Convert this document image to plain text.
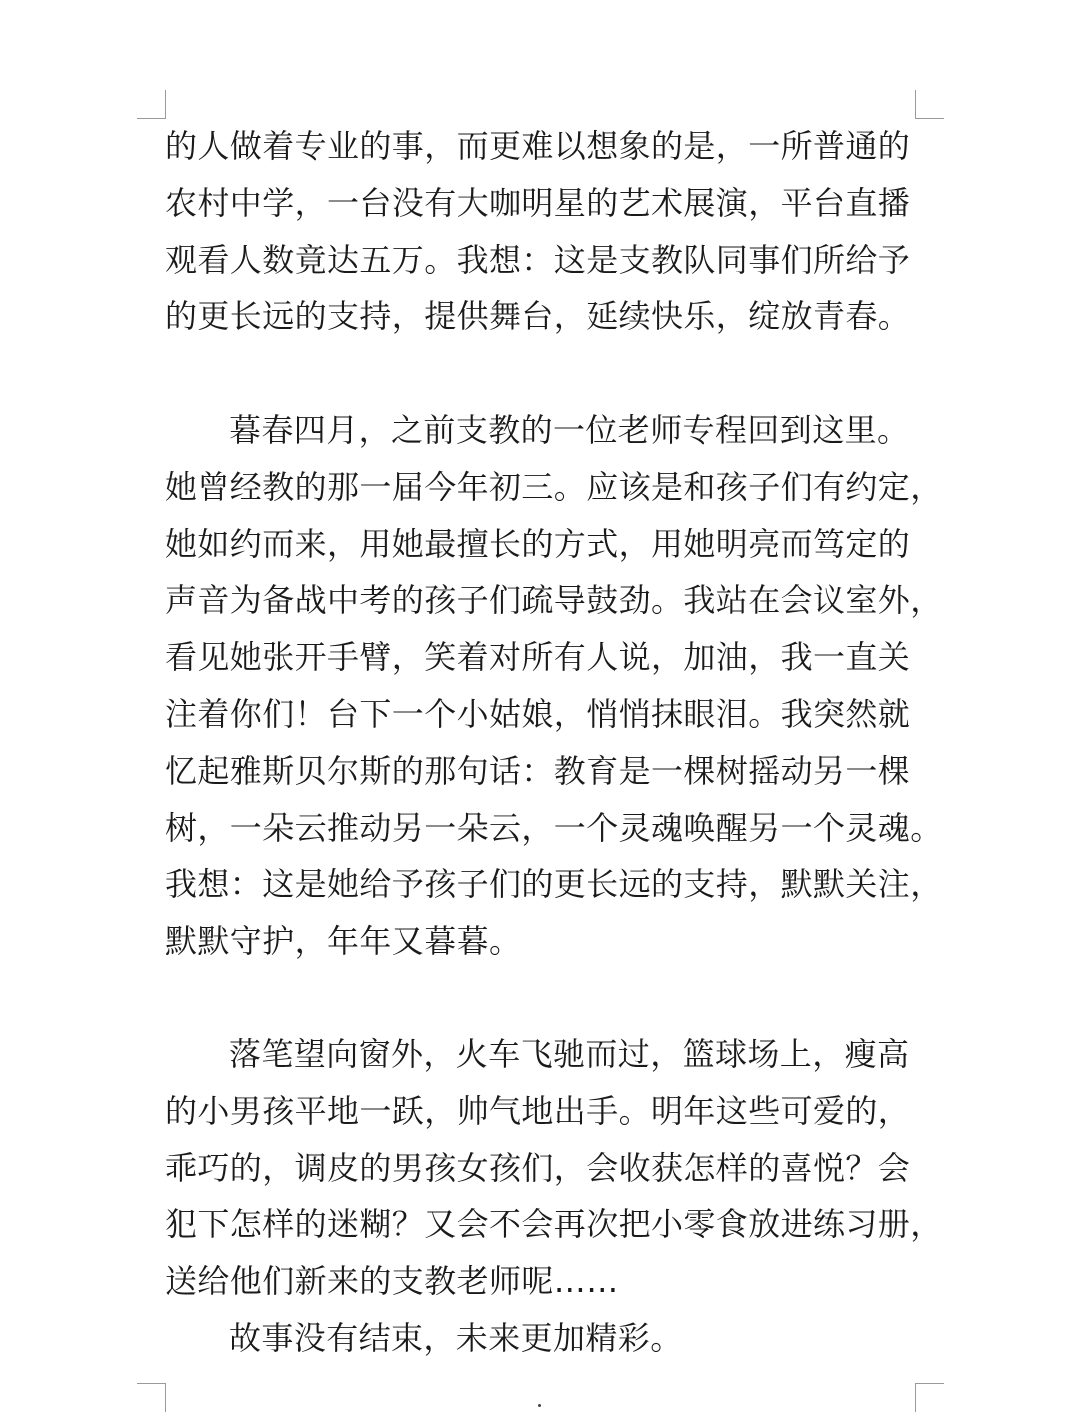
的人做着专业的事，而更难以想象的是，一所普通的
农村中学，一台没有大咖明星的艺术展演，平台直播
观看人数竟达五万。我想：这是支教队同事们所给予
的更长远的支持，提供舞台，延续快乐，绽放青春。
暮春四月，之前支教的一位老师专程回到这里。
她曾经教的那一届今年初三。应该是和孩子们有约定，
她如约而来，用她最擅长的方式，用她明亮而笃定的
声音为备战中考的孩子们疏导鼓劲。我站在会议室外，
看见她张开手臂，笑着对所有人说，加油，我一直关
注着你们！台下一个小姑娘，悄悄抹眼泪。我突然就
忆起雅斯贝尔斯的那句话：教育是一棵树摇动另一棵
树，一朵云推动另一朵云，一个灵魂唤醒另一个灵魂。
我想：这是她给予孩子们的更长远的支持，默默关注，
默默守护，年年又暮暮。
落笔望向窗外，火车飞驰而过，篮球场上，瘦高
的小男孩平地一跃，帅气地出手。明年这些可爱的，
乖巧的，调皮的男孩女孩们，会收获怎样的喜悦？会
犯下怎样的迷糊？又会不会再次把小零食放进练习册，
送给他们新来的支教老师呢……
故事没有结束，未来更加精彩。
